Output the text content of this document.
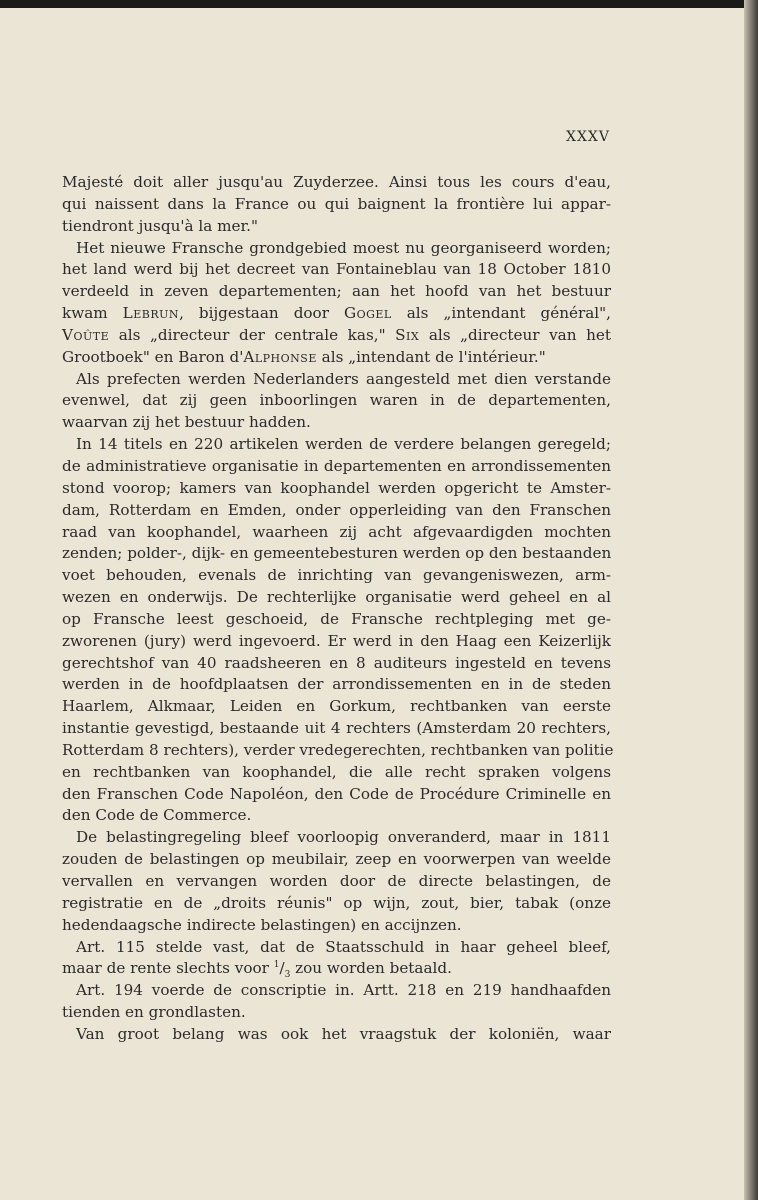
XXXV
Majesté doit aller jusqu'au Zuyderzee. Ainsi tous les cours d'eau,
qui naissent dans la France ou qui baignent la frontière lui appar-
tiendront jusqu'à la mer."
Het nieuwe Fransche grondgebied moest nu georganiseerd worden;
het land werd bij het decreet van Fontaineblau van 18 October 1810
verdeeld in zeven departementen; aan het hoofd van het bestuur
kwam Lebrun, bijgestaan door Gogel als „intendant général",
Voûte als „directeur der centrale kas," Six als „directeur van het
Grootboek" en Baron d'Alphonse als „intendant de l'intérieur."
Als prefecten werden Nederlanders aangesteld met dien verstande
evenwel, dat zij geen inboorlingen waren in de departementen,
waarvan zij het bestuur hadden.
In 14 titels en 220 artikelen werden de verdere belangen geregeld;
de administratieve organisatie in departementen en arrondissementen
stond voorop; kamers van koophandel werden opgericht te Amster-
dam, Rotterdam en Emden, onder opperleiding van den Franschen
raad van koophandel, waarheen zij acht afgevaardigden mochten
zenden; polder-, dijk- en gemeentebesturen werden op den bestaanden
voet behouden, evenals de inrichting van gevangeniswezen, arm-
wezen en onderwijs. De rechterlijke organisatie werd geheel en al
op Fransche leest geschoeid, de Fransche rechtpleging met ge-
zworenen (jury) werd ingevoerd. Er werd in den Haag een Keizerlijk
gerechtshof van 40 raadsheeren en 8 auditeurs ingesteld en tevens
werden in de hoofdplaatsen der arrondissementen en in de steden
Haarlem, Alkmaar, Leiden en Gorkum, rechtbanken van eerste
instantie gevestigd, bestaande uit 4 rechters (Amsterdam 20 rechters,
Rotterdam 8 rechters), verder vredegerechten, rechtbanken van politie
en rechtbanken van koophandel, die alle recht spraken volgens
den Franschen Code Napoléon, den Code de Procédure Criminelle en
den Code de Commerce.
De belastingregeling bleef voorloopig onveranderd, maar in 1811
zouden de belastingen op meubilair, zeep en voorwerpen van weelde
vervallen en vervangen worden door de directe belastingen, de
registratie en de „droits réunis" op wijn, zout, bier, tabak (onze
hedendaagsche indirecte belastingen) en accijnzen.
Art. 115 stelde vast, dat de Staatsschuld in haar geheel bleef,
maar de rente slechts voor $^1/_3$ zou worden betaald.
Art. 194 voerde de conscriptie in. Artt. 218 en 219 handhaafden
tienden en grondlasten.
Van groot belang was ook het vraagstuk der koloniën, waar
